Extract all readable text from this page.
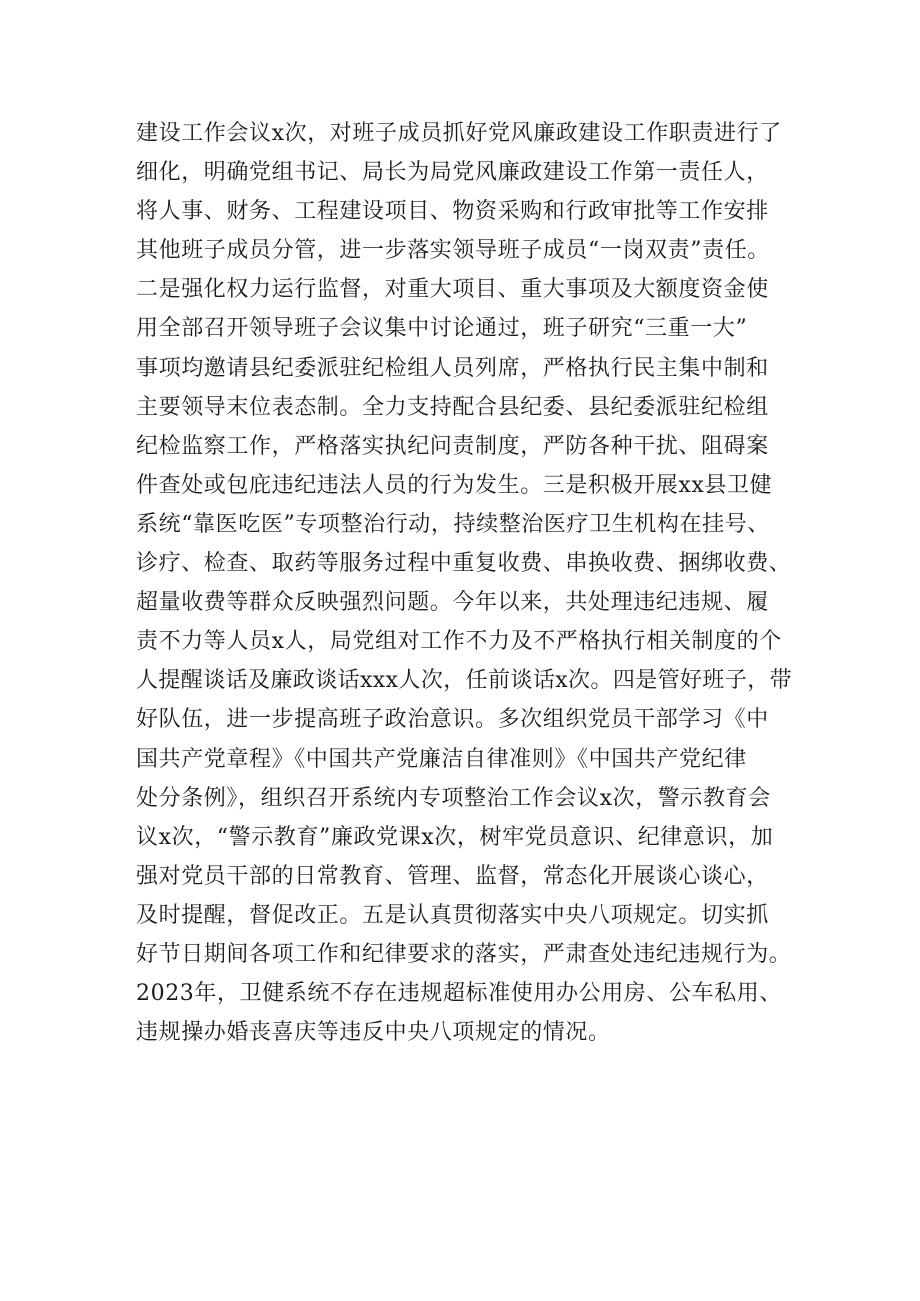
建设工作会议x次，对班子成员抓好党风廉政建设工作职责进行了
细化，明确党组书记、局长为局党风廉政建设工作第一责任人，
将人事、财务、工程建设项目、物资采购和行政审批等工作安排
其他班子成员分管，进一步落实领导班子成员“一岗双责”责任。
二是强化权力运行监督，对重大项目、重大事项及大额度资金使
用全部召开领导班子会议集中讨论通过，班子研究“三重一大”
事项均邀请县纪委派驻纪检组人员列席，严格执行民主集中制和
主要领导末位表态制。全力支持配合县纪委、县纪委派驻纪检组
纪检监察工作，严格落实执纪问责制度，严防各种干扰、阻碍案
件查处或包庇违纪违法人员的行为发生。三是积极开展xx县卫健
系统“靠医吃医”专项整治行动，持续整治医疗卫生机构在挂号、
诊疗、检查、取药等服务过程中重复收费、串换收费、捆绑收费、
超量收费等群众反映强烈问题。今年以来，共处理违纪违规、履
责不力等人员x人，局党组对工作不力及不严格执行相关制度的个
人提醒谈话及廉政谈话xxx人次，任前谈话x次。四是管好班子，带
好队伍，进一步提高班子政治意识。多次组织党员干部学习《中
国共产党章程》《中国共产党廉洁自律准则》《中国共产党纪律
处分条例》，组织召开系统内专项整治工作会议x次，警示教育会
议x次，“警示教育”廉政党课x次，树牢党员意识、纪律意识，加
强对党员干部的日常教育、管理、监督，常态化开展谈心谈心，
及时提醒，督促改正。五是认真贯彻落实中央八项规定。切实抓
好节日期间各项工作和纪律要求的落实，严肃查处违纪违规行为。
2023年，卫健系统不存在违规超标准使用办公用房、公车私用、
违规操办婚丧喜庆等违反中央八项规定的情况。
